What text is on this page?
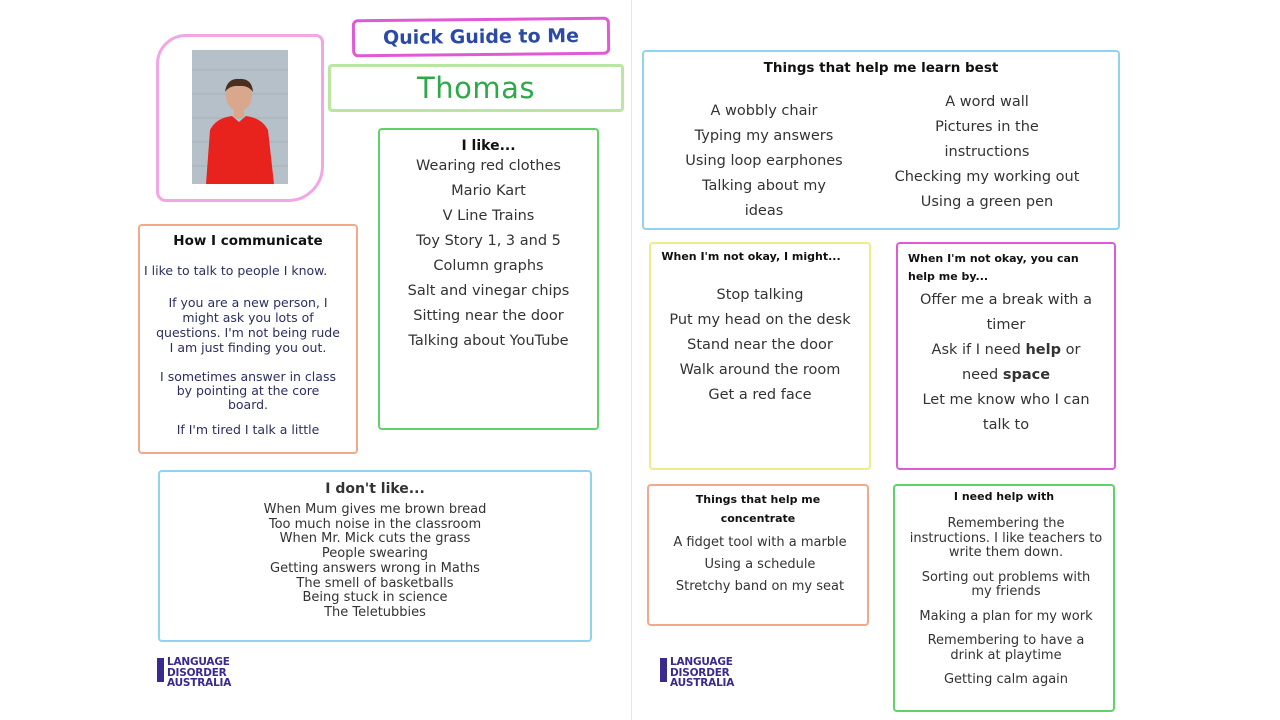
Quick Guide to Me
Thomas
How I communicate

I like to talk to people I know.

If you are a new person, I

might ask you lots of

questions. I'm not being rude

I am just finding you out.

I sometimes answer in class

by pointing at the core

board.

If I'm tired I talk a little

I like...
Wearing red clothes
Mario Kart
V Line Trains
Toy Story 1, 3 and 5
Column graphs
Salt and vinegar chips
Sitting near the door
Talking about YouTube
I don't like...
When Mum gives me brown bread
Too much noise in the classroom
When Mr. Mick cuts the grass
People swearing
Getting answers wrong in Maths
The smell of basketballs
Being stuck in science
The Teletubbies
LANGUAGE
DISORDER
AUSTRALIA
Things that help me learn best
A wobbly chair
Typing my answers
Using loop earphones
Talking about my
ideas
A word wall
Pictures in the
instructions
Checking my working out
Using a green pen
When I'm not okay, I might...
Stop talking
Put my head on the desk
Stand near the door
Walk around the room
Get a red face
When I'm not okay, you can
help me by...
Offer me a break with a
timer
Ask if I need help or
need space
Let me know who I can
talk to
Things that help me
concentrate
A fidget tool with a marble
Using a schedule
Stretchy band on my seat
I need help with
Remembering the
instructions. I like teachers to
write them down.
Sorting out problems with
my friends
Making a plan for my work
Remembering to have a
drink at playtime
Getting calm again
LANGUAGE
DISORDER
AUSTRALIA
